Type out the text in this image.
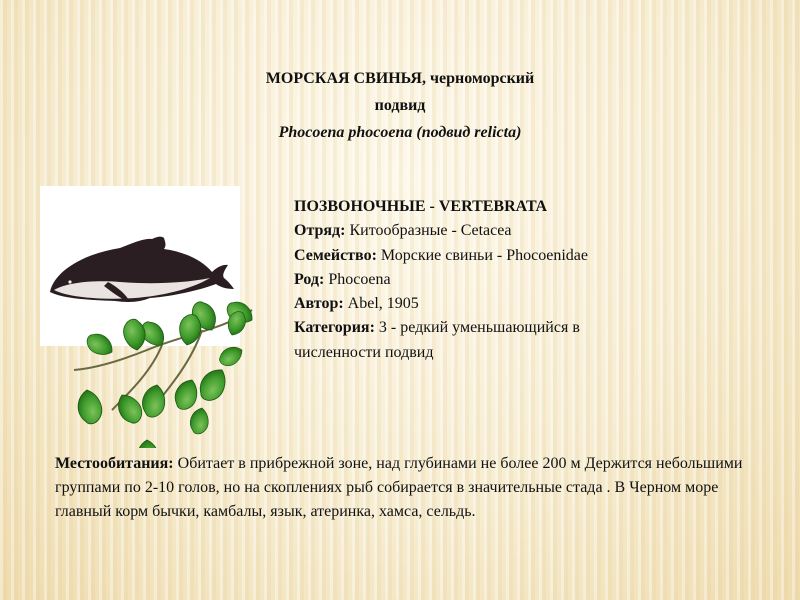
МОРСКАЯ СВИНЬЯ, черноморский
подвид
Phocoena phocoena (подвид relicta)
ПОЗВОНОЧНЫЕ - VERTEBRATA
Отряд: Китообразные - Cetacea
Семейство: Морские свиньи - Phocoenidae
Род: Phocoena
Автор: Abel, 1905
Категория: 3 - редкий уменьшающийся в численности подвид
Местообитания: Обитает в прибрежной зоне, над глубинами не более 200 м Держится небольшими группами по 2-10 голов, но на скоплениях рыб собирается в значительные стада . В Черном море главный корм бычки, камбалы, язык, атеринка, хамса, сельдь.
